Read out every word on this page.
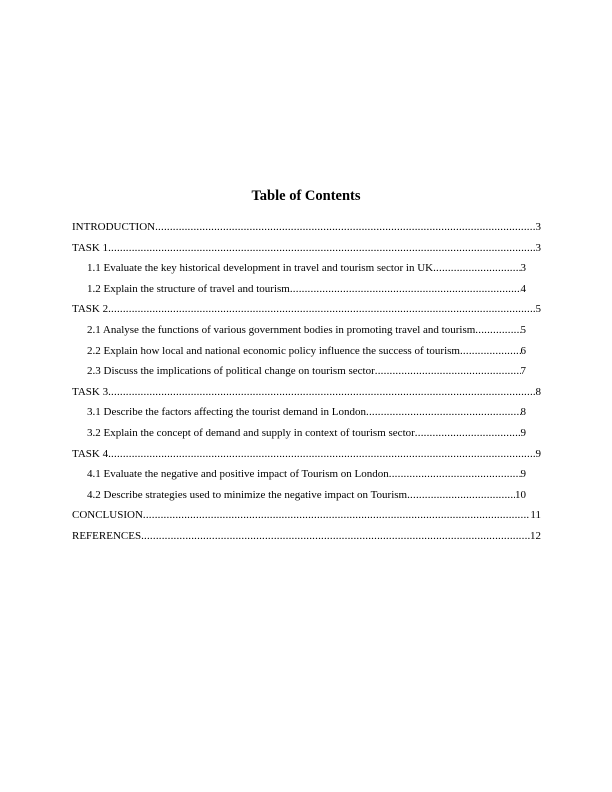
Table of Contents
INTRODUCTION .....	3
TASK 1 .....	3
1.1 Evaluate the key historical development in travel and tourism sector in UK .....	3
1.2 Explain the structure of travel and tourism .....	4
TASK 2 .....	5
2.1 Analyse the functions of various government bodies in promoting travel and tourism .....	5
2.2 Explain how local and national economic policy influence the success of tourism .....	6
2.3 Discuss the implications of political change on tourism sector .....	7
TASK 3 .....	8
3.1 Describe the factors affecting the tourist demand in London .....	8
3.2 Explain the concept of demand and supply in context of tourism sector .....	9
TASK 4 .....	9
4.1 Evaluate the negative and positive impact of Tourism on London .....	9
4.2 Describe strategies used to minimize the negative impact on Tourism .....	10
CONCLUSION .....	11
REFERENCES .....	12
